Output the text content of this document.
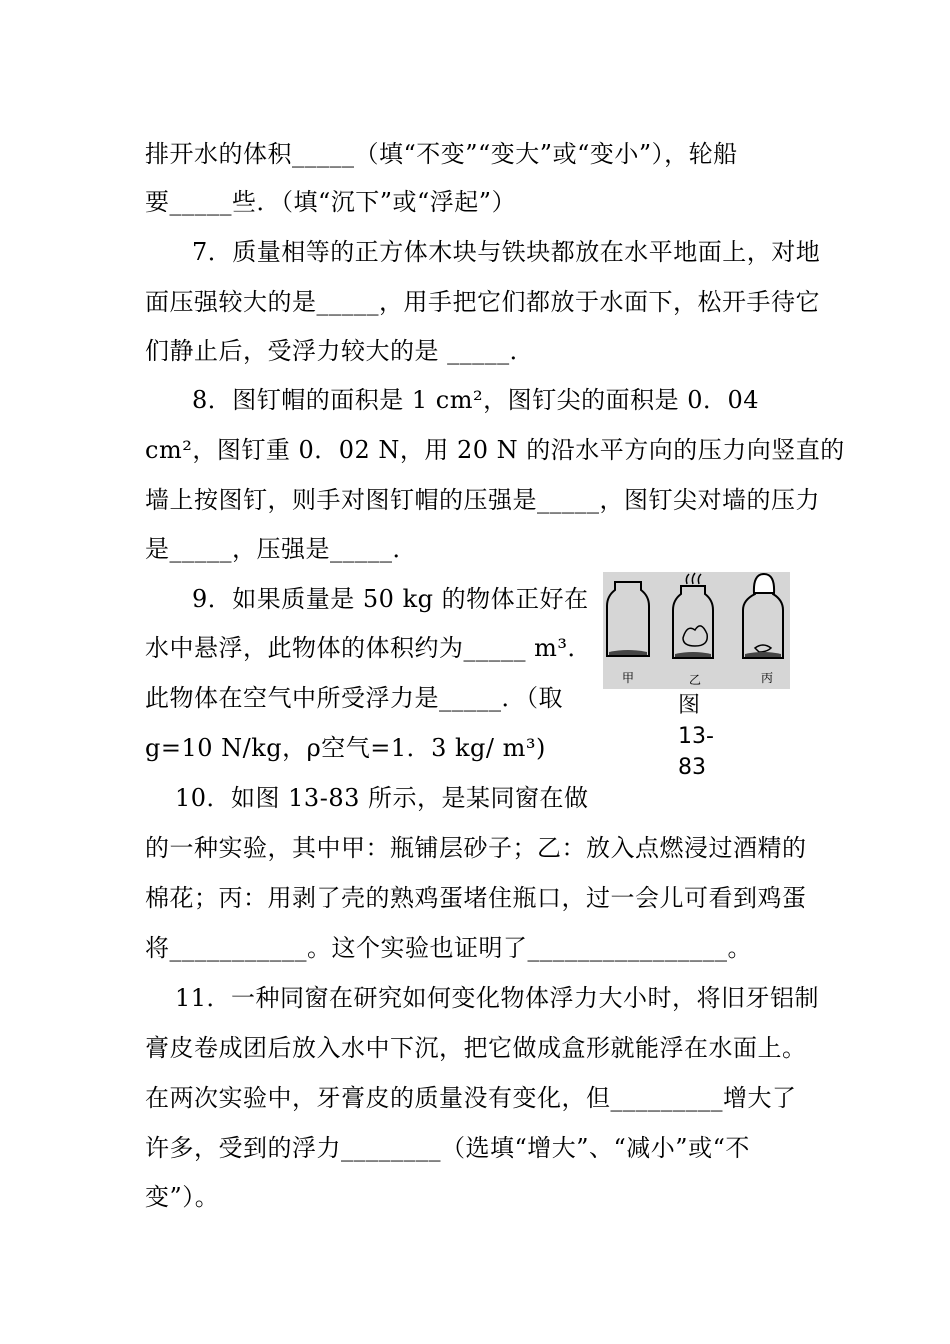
排开水的体积_____（填“不变”“变大”或“变小”），轮船
要_____些．（填“沉下”或“浮起”）
7．质量相等的正方体木块与铁块都放在水平地面上，对地
面压强较大的是_____，用手把它们都放于水面下，松开手待它
们静止后，受浮力较大的是 _____．
8．图钉帽的面积是 1 cm²，图钉尖的面积是 0．04
cm²，图钉重 0．02 N，用 20 N 的沿水平方向的压力向竖直的
墙上按图钉，则手对图钉帽的压强是_____，图钉尖对墙的压力
是_____，压强是_____．
9．如果质量是 50 kg 的物体正好在
水中悬浮，此物体的体积约为_____ m³．
此物体在空气中所受浮力是_____．（取
g=10 N/kg，ρ空气=1．3 kg/ m³)
10．如图 13-83 所示，是某同窗在做
的一种实验，其中甲：瓶铺层砂子；乙：放入点燃浸过酒精的
棉花；丙：用剥了壳的熟鸡蛋堵住瓶口，过一会儿可看到鸡蛋
将___________。这个实验也证明了________________。
11．一种同窗在研究如何变化物体浮力大小时，将旧牙铝制
膏皮卷成团后放入水中下沉，把它做成盒形就能浮在水面上。
在两次实验中，牙膏皮的质量没有变化，但_________增大了
许多，受到的浮力________（选填“增大”、“减小”或“不
变”）。
甲	乙	丙
图
13-
83
